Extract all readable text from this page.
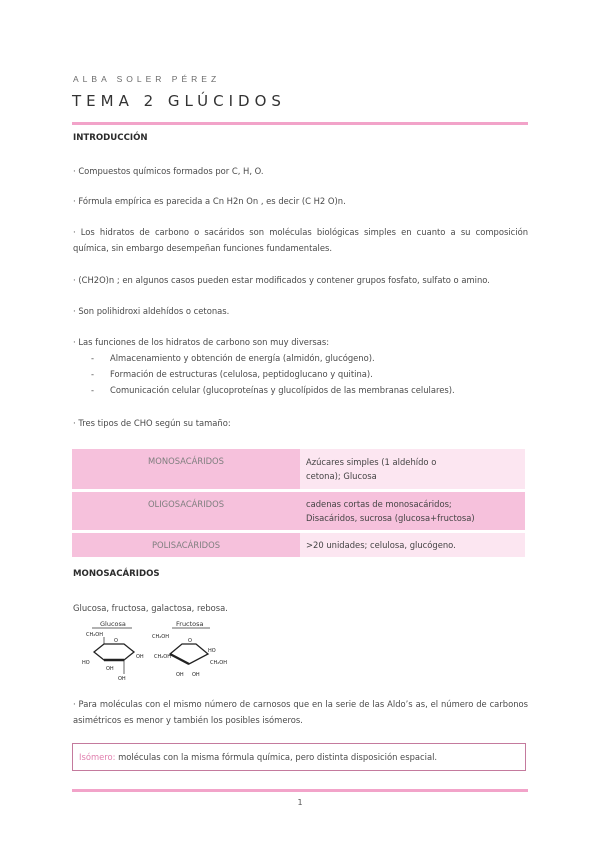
ALBA SOLER PÉREZ
TEMA 2 GLÚCIDOS
INTRODUCCIÓN
· Compuestos químicos formados por C, H, O.
· Fórmula empírica es parecida a Cn H2n On , es decir (C H2 O)n.
· Los hidratos de carbono o sacáridos son moléculas biológicas simples en cuanto a su composición química, sin embargo desempeñan funciones fundamentales.
· (CH2O)n ; en algunos casos pueden estar modificados y contener grupos fosfato, sulfato o amino.
· Son polihidroxi aldehídos o cetonas.
· Las funciones de los hidratos de carbono son muy diversas:
- Almacenamiento y obtención de energía (almidón, glucógeno).
- Formación de estructuras (celulosa, peptidoglucano y quitina).
- Comunicación celular (glucoproteínas y glucolípidos de las membranas celulares).
· Tres tipos de CHO según su tamaño:
MONOSACÁRIDOS	Azúcares simples (1 aldehído o
cetona); Glucosa
OLIGOSACÁRIDOS	cadenas cortas de monosacáridos;
Disacáridos, sucrosa (glucosa+fructosa)
POLISACÁRIDOS	>20 unidades; celulosa, glucógeno.
MONOSACÁRIDOS
Glucosa, fructosa, galactosa, rebosa.
Glucosa	Fructosa
CH₂OH
O
HO
OH
OH
OH
CH₂OH
CH₂OH
O
HO
CH₂OH
OH OH
· Para moléculas con el mismo número de carnosos que en la serie de las Aldo’s as, el número de carbonos asimétricos es menor y también los posibles isómeros.
Isómero: moléculas con la misma fórmula química, pero distinta disposición espacial.
1
